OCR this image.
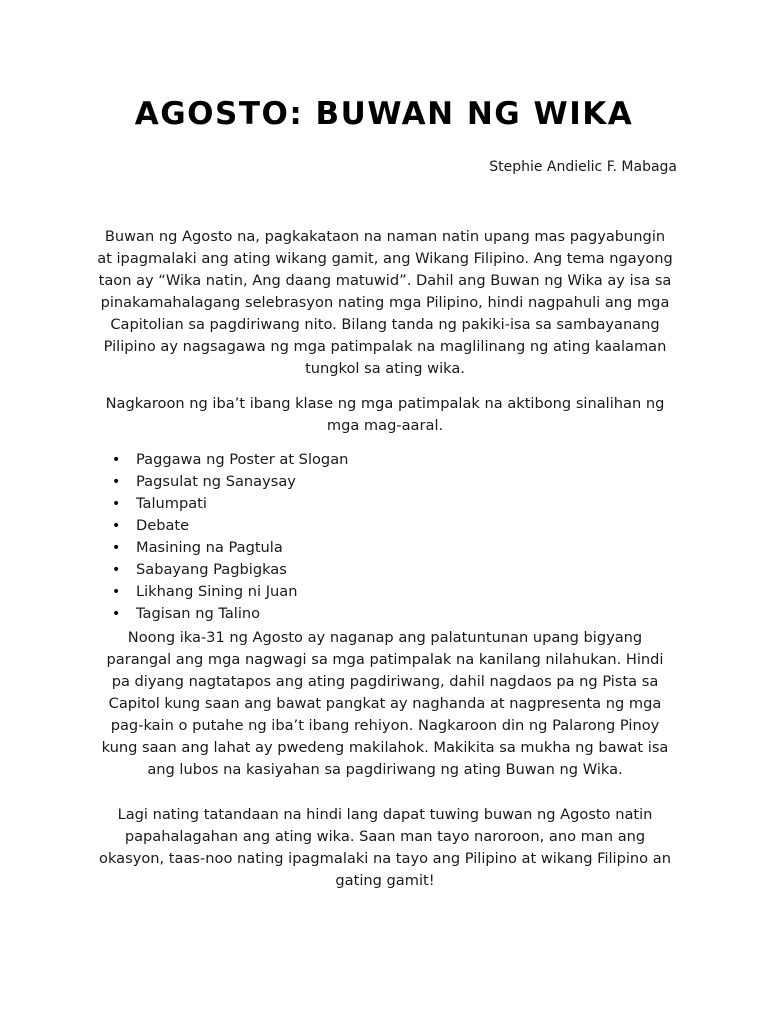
AGOSTO: BUWAN NG WIKA

Stephie Andielic F. Mabaga

Buwan ng Agosto na, pagkakataon na naman natin upang mas pagyabungin
at ipagmalaki ang ating wikang gamit, ang Wikang Filipino. Ang tema ngayong
taon ay “Wika natin, Ang daang matuwid”. Dahil ang Buwan ng Wika ay isa sa
pinakamahalagang selebrasyon nating mga Pilipino, hindi nagpahuli ang mga
Capitolian sa pagdiriwang nito. Bilang tanda ng pakiki-isa sa sambayanang
Pilipino ay nagsagawa ng mga patimpalak na maglilinang ng ating kaalaman
tungkol sa ating wika.
Nagkaroon ng iba’t ibang klase ng mga patimpalak na aktibong sinalihan ng
mga mag-aaral.
• Paggawa ng Poster at Slogan
• Pagsulat ng Sanaysay
• Talumpati
• Debate
• Masining na Pagtula
• Sabayang Pagbigkas
• Likhang Sining ni Juan
• Tagisan ng Talino
Noong ika-31 ng Agosto ay naganap ang palatuntunan upang bigyang
parangal ang mga nagwagi sa mga patimpalak na kanilang nilahukan. Hindi
pa diyang nagtatapos ang ating pagdiriwang, dahil nagdaos pa ng Pista sa
Capitol kung saan ang bawat pangkat ay naghanda at nagpresenta ng mga
pag-kain o putahe ng iba’t ibang rehiyon. Nagkaroon din ng Palarong Pinoy
kung saan ang lahat ay pwedeng makilahok. Makikita sa mukha ng bawat isa
ang lubos na kasiyahan sa pagdiriwang ng ating Buwan ng Wika.
Lagi nating tatandaan na hindi lang dapat tuwing buwan ng Agosto natin
papahalagahan ang ating wika. Saan man tayo naroroon, ano man ang
okasyon, taas-noo nating ipagmalaki na tayo ang Pilipino at wikang Filipino an
gating gamit!
